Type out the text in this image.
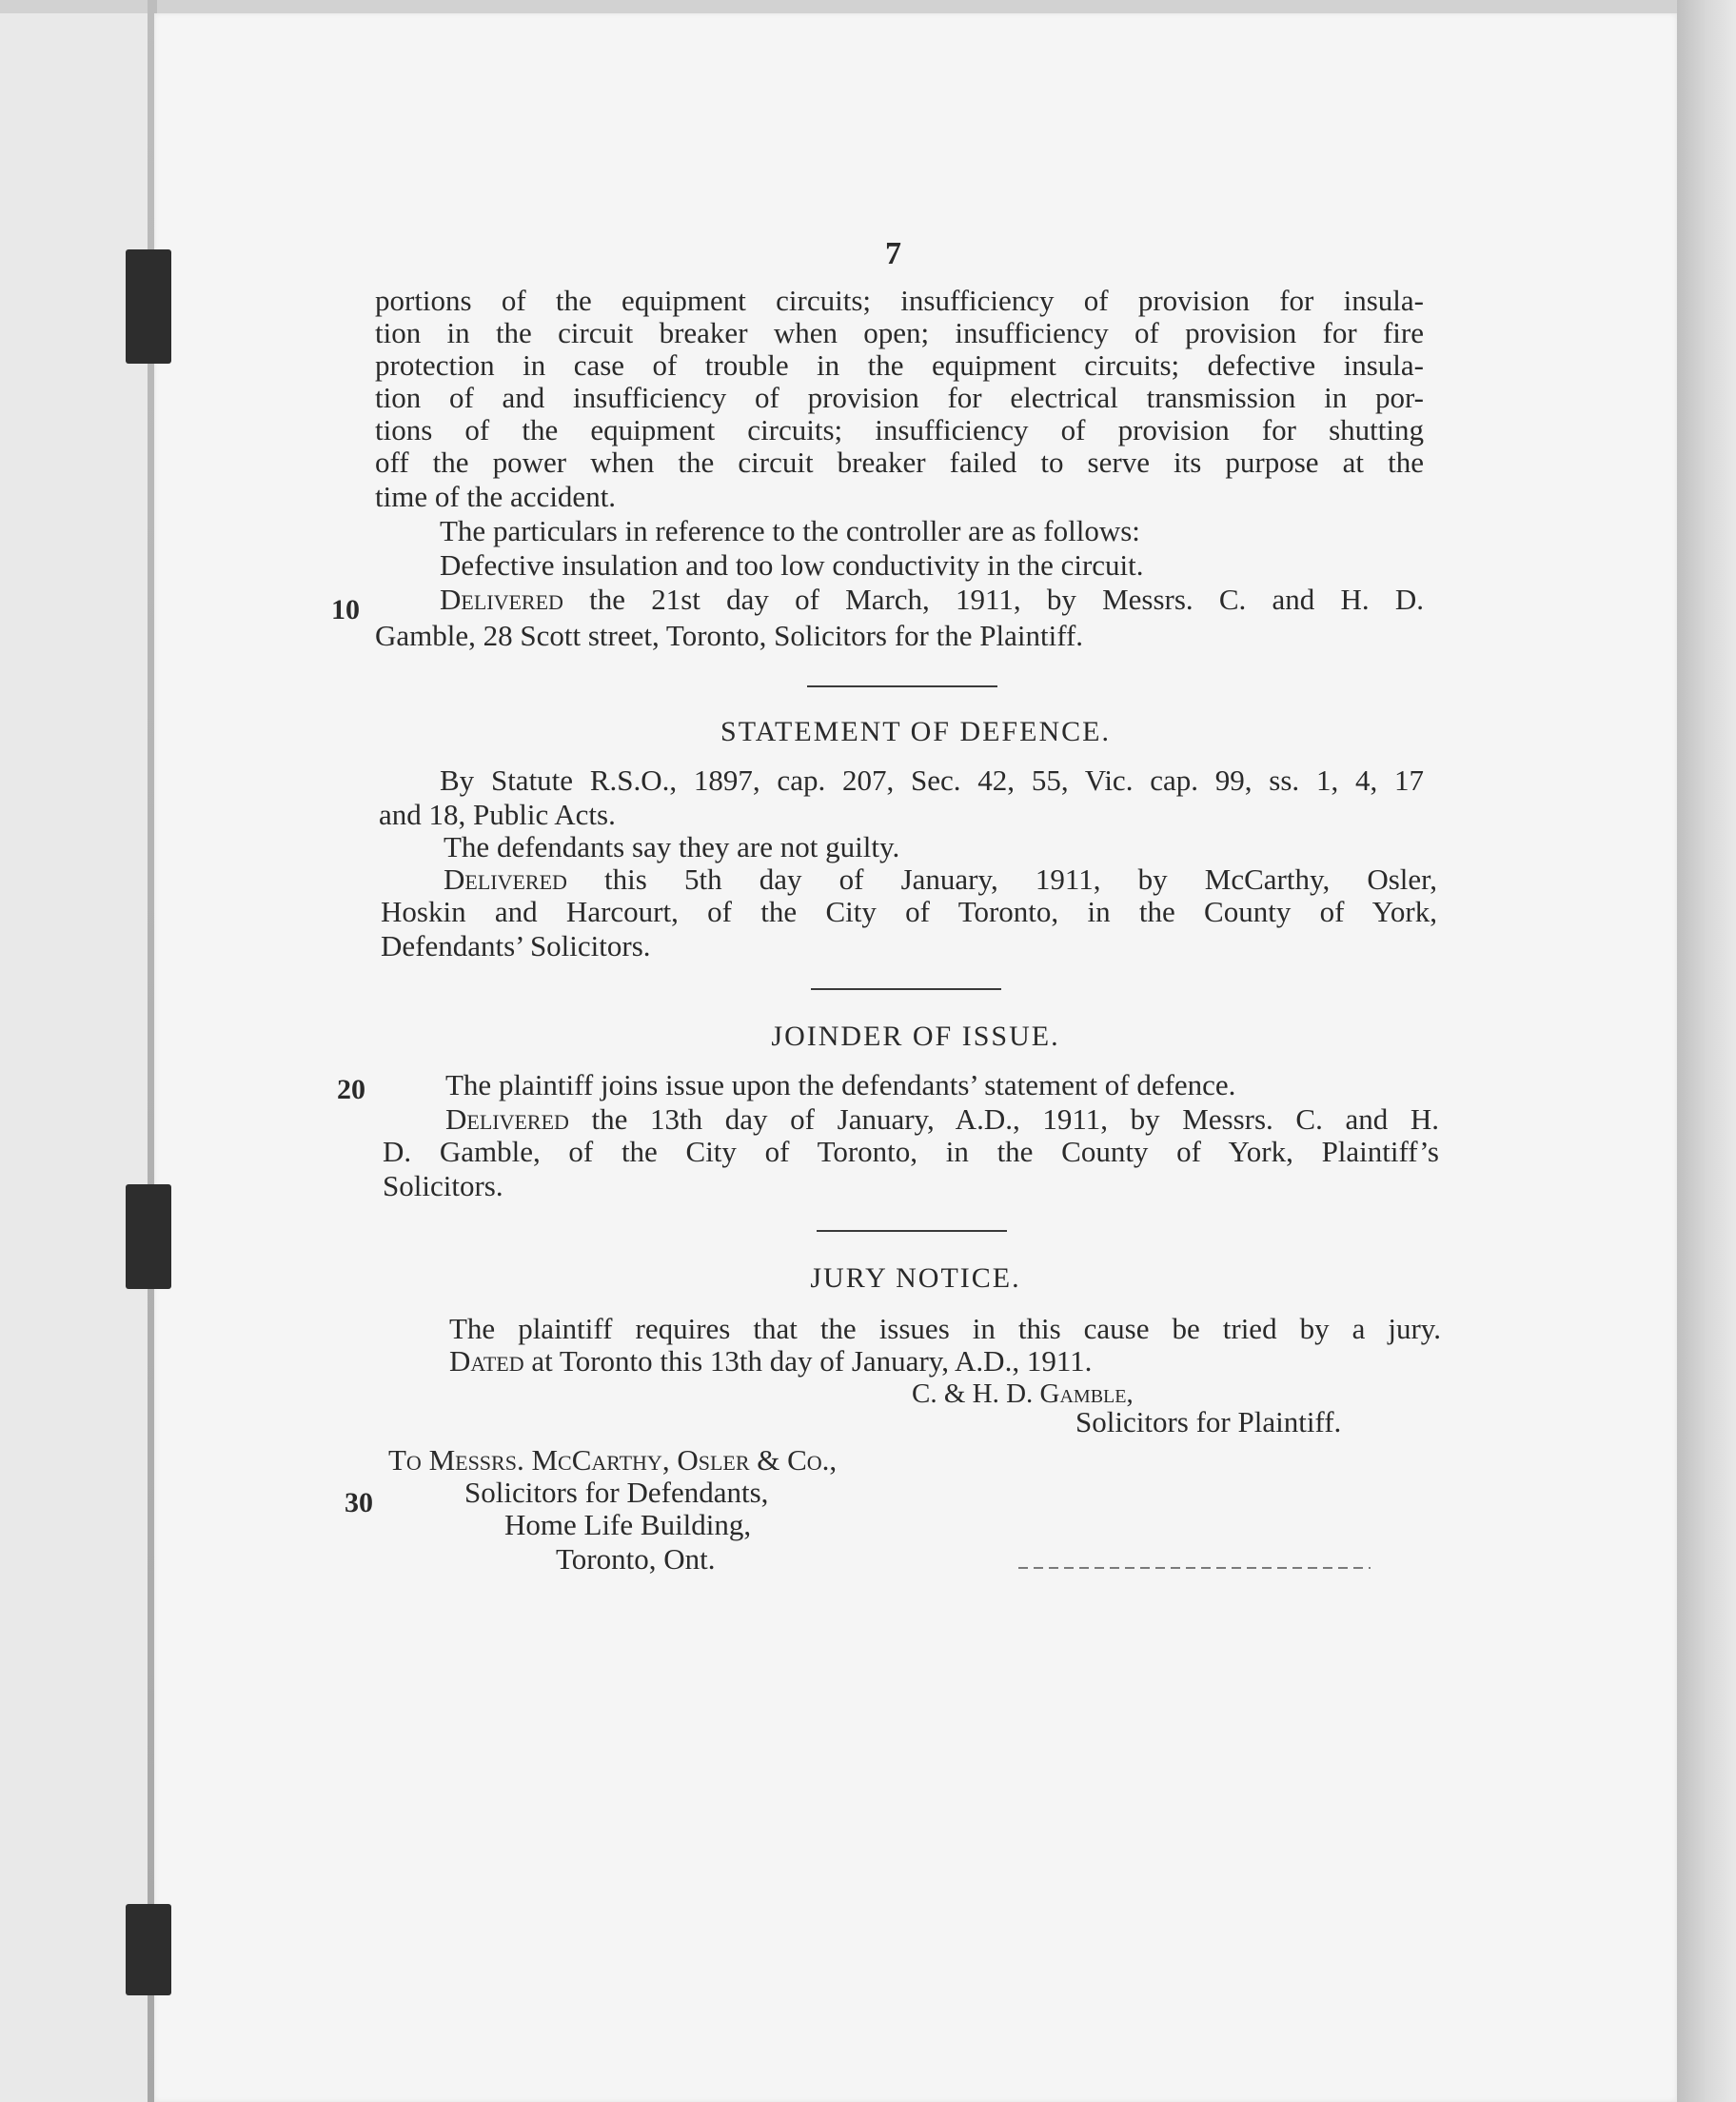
7
portions of the equipment circuits; insufficiency of provision for insula-
tion in the circuit breaker when open; insufficiency of provision for fire
protection in case of trouble in the equipment circuits; defective insula-
tion of and insufficiency of provision for electrical transmission in por-
tions of the equipment circuits; insufficiency of provision for shutting
off the power when the circuit breaker failed to serve its purpose at the
time of the accident.
The particulars in reference to the controller are as follows:
Defective insulation and too low conductivity in the circuit.
10	Delivered the 21st day of March, 1911, by Messrs. C. and H. D.
Gamble, 28 Scott street, Toronto, Solicitors for the Plaintiff.
STATEMENT OF DEFENCE.
By Statute R.S.O., 1897, cap. 207, Sec. 42, 55, Vic. cap. 99, ss. 1, 4, 17
and 18, Public Acts.
The defendants say they are not guilty.
Delivered this 5th day of January, 1911, by McCarthy, Osler,
Hoskin and Harcourt, of the City of Toronto, in the County of York,
Defendants’ Solicitors.
JOINDER OF ISSUE.
20	The plaintiff joins issue upon the defendants’ statement of defence.
Delivered the 13th day of January, A.D., 1911, by Messrs. C. and H.
D. Gamble, of the City of Toronto, in the County of York, Plaintiff’s
Solicitors.
JURY NOTICE.
The plaintiff requires that the issues in this cause be tried by a jury.
Dated at Toronto this 13th day of January, A.D., 1911.
C. & H. D. Gamble,
Solicitors for Plaintiff.
To Messrs. McCarthy, Osler & Co.,
30	Solicitors for Defendants,
Home Life Building,
Toronto, Ont.
